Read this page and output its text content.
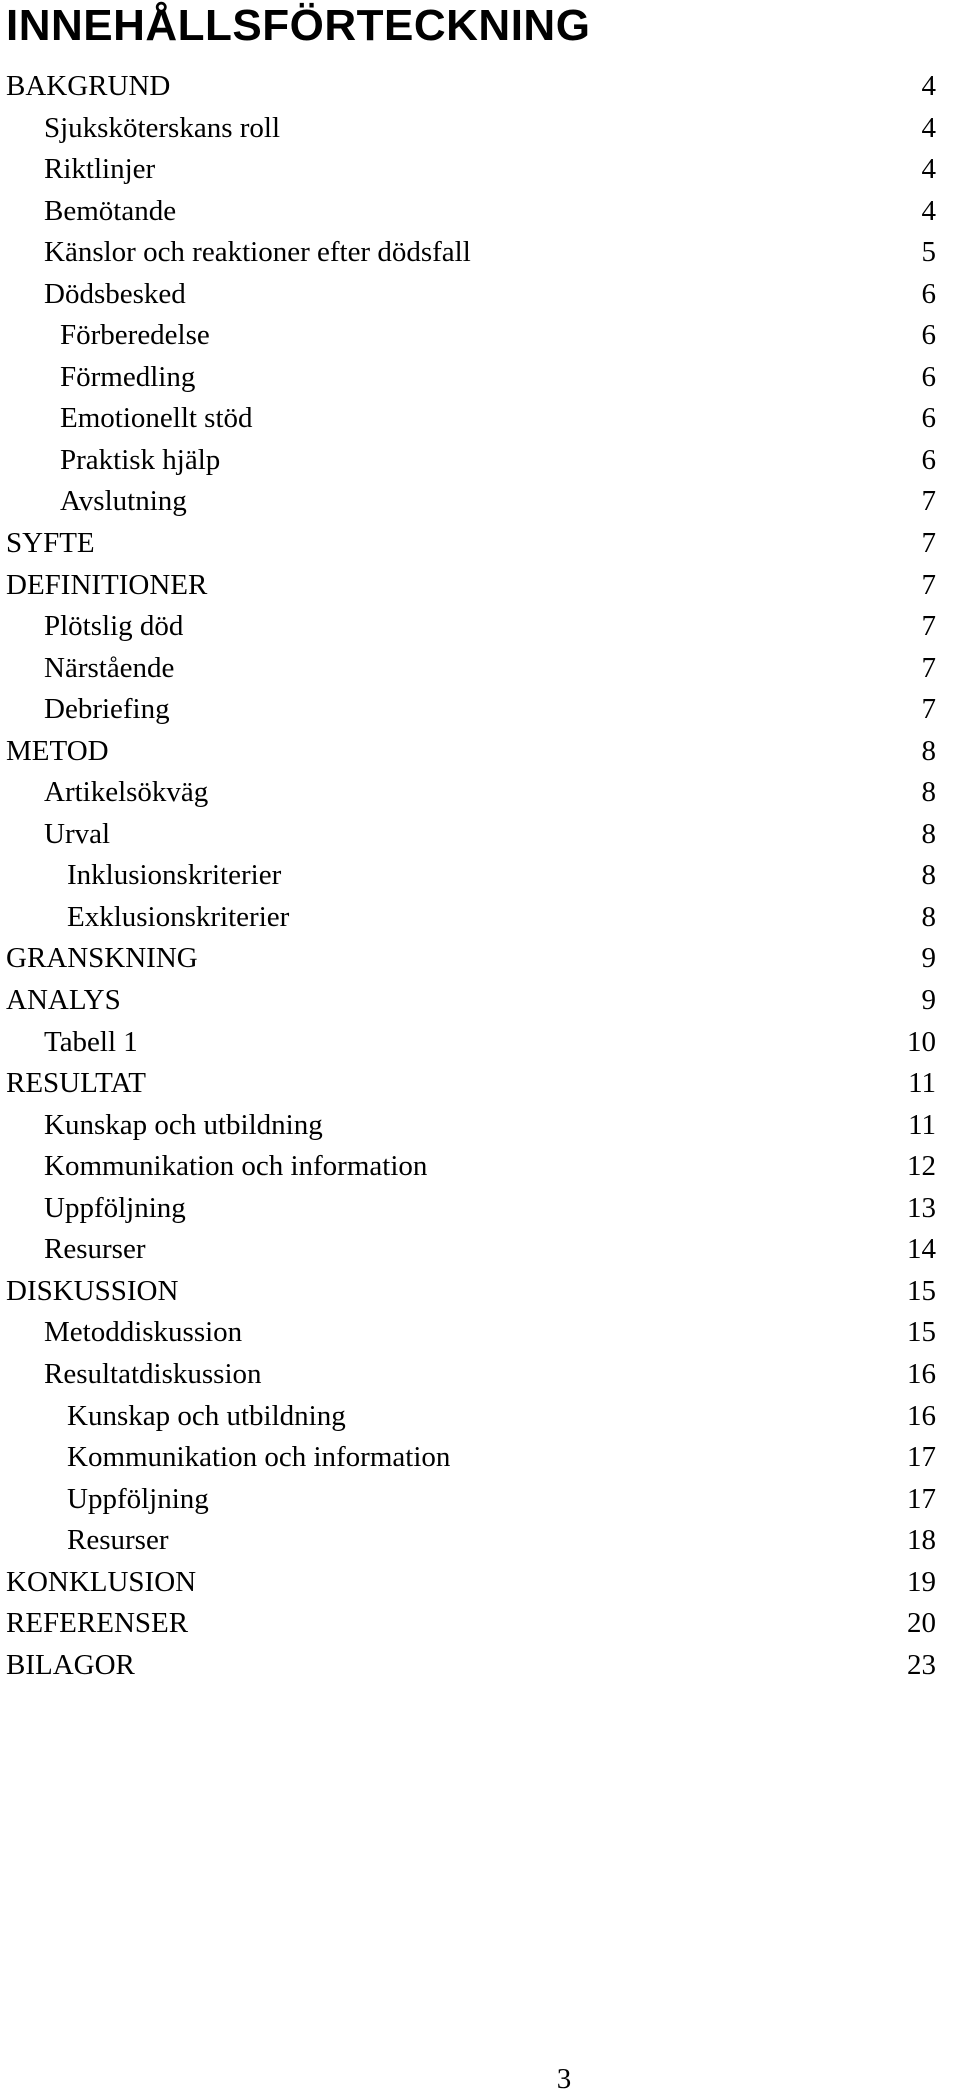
INNEHÅLLSFÖRTECKNING
BAKGRUND	4
Sjuksköterskans roll	4
Riktlinjer	4
Bemötande	4
Känslor och reaktioner efter dödsfall	5
Dödsbesked	6
Förberedelse	6
Förmedling	6
Emotionellt stöd	6
Praktisk hjälp	6
Avslutning	7
SYFTE	7
DEFINITIONER	7
Plötslig död	7
Närstående	7
Debriefing	7
METOD	8
Artikelsökväg	8
Urval	8
Inklusionskriterier	8
Exklusionskriterier	8
GRANSKNING	9
ANALYS	9
Tabell 1	10
RESULTAT	11
Kunskap och utbildning	11
Kommunikation och information	12
Uppföljning	13
Resurser	14
DISKUSSION	15
Metoddiskussion	15
Resultatdiskussion	16
Kunskap och utbildning	16
Kommunikation och information	17
Uppföljning	17
Resurser	18
KONKLUSION	19
REFERENSER	20
BILAGOR	23
3
